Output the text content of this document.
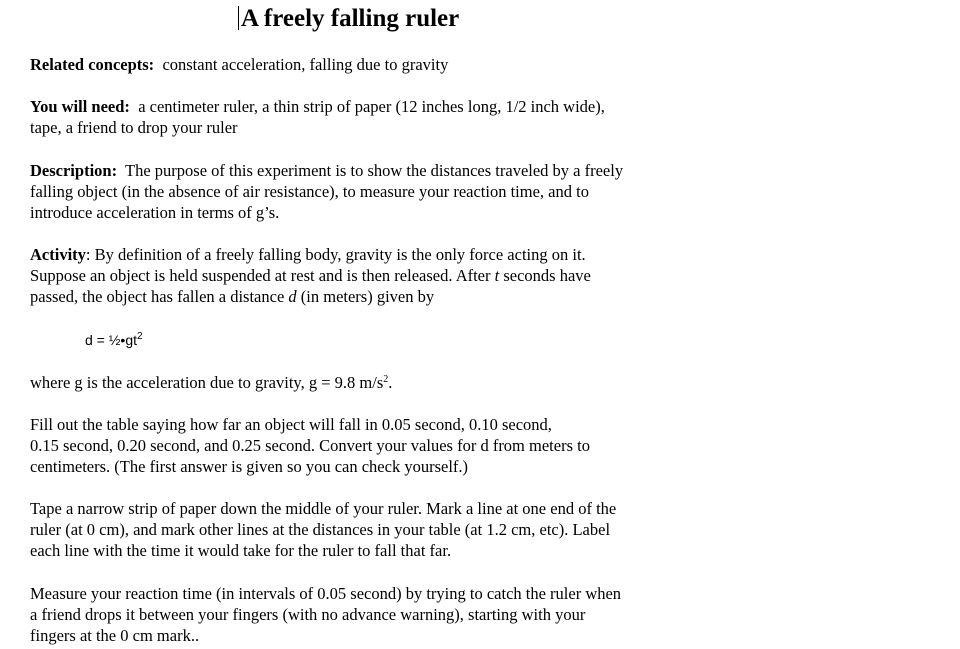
A freely falling ruler
Related concepts: constant acceleration, falling due to gravity
You will need: a centimeter ruler, a thin strip of paper (12 inches long, 1/2 inch wide),
tape, a friend to drop your ruler
Description: The purpose of this experiment is to show the distances traveled by a freely
falling object (in the absence of air resistance), to measure your reaction time, and to
introduce acceleration in terms of g’s.
Activity: By definition of a freely falling body, gravity is the only force acting on it.
Suppose an object is held suspended at rest and is then released. After t seconds have
passed, the object has fallen a distance d (in meters) given by
$d = \frac{1}{2}•gt^2$
where g is the acceleration due to gravity, g = 9.8 $m/s^2$.
Fill out the table saying how far an object will fall in 0.05 second, 0.10 second,
0.15 second, 0.20 second, and 0.25 second. Convert your values for d from meters to
centimeters. (The first answer is given so you can check yourself.)
Tape a narrow strip of paper down the middle of your ruler. Mark a line at one end of the
ruler (at 0 cm), and mark other lines at the distances in your table (at 1.2 cm, etc). Label
each line with the time it would take for the ruler to fall that far.
Measure your reaction time (in intervals of 0.05 second) by trying to catch the ruler when
a friend drops it between your fingers (with no advance warning), starting with your
fingers at the 0 cm mark..
